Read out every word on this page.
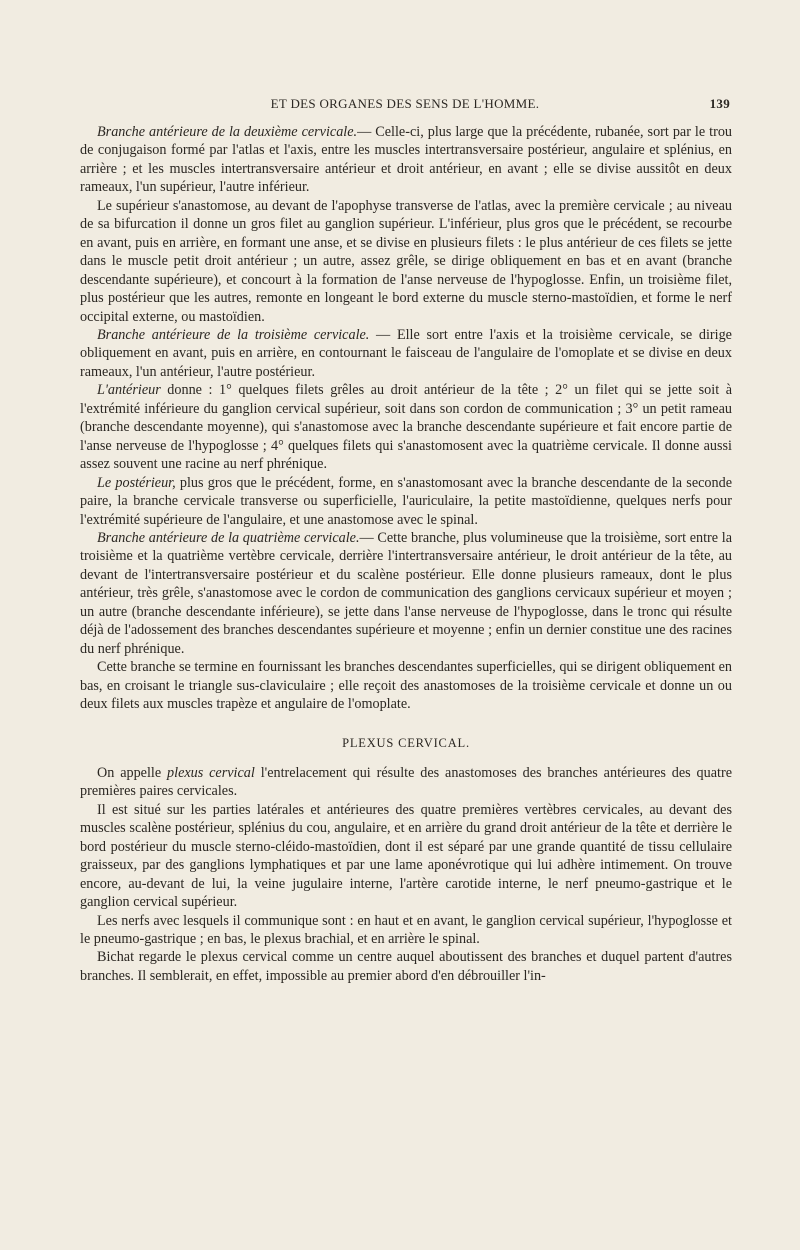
ET DES ORGANES DES SENS DE L'HOMME.	139

Branche antérieure de la deuxième cervicale.— Celle-ci, plus large que la précédente, rubanée, sort par le trou de conjugaison formé par l'atlas et l'axis, entre les muscles intertransversaire postérieur, angulaire et splénius, en arrière ; et les muscles intertransversaire antérieur et droit antérieur, en avant ; elle se divise aussitôt en deux rameaux, l'un supérieur, l'autre inférieur.

Le supérieur s'anastomose, au devant de l'apophyse transverse de l'atlas, avec la première cervicale ; au niveau de sa bifurcation il donne un gros filet au ganglion supérieur. L'inférieur, plus gros que le précédent, se recourbe en avant, puis en arrière, en formant une anse, et se divise en plusieurs filets : le plus antérieur de ces filets se jette dans le muscle petit droit antérieur ; un autre, assez grêle, se dirige obliquement en bas et en avant (branche descendante supérieure), et concourt à la formation de l'anse nerveuse de l'hypoglosse. Enfin, un troisième filet, plus postérieur que les autres, remonte en longeant le bord externe du muscle sterno-mastoïdien, et forme le nerf occipital externe, ou mastoïdien.

Branche antérieure de la troisième cervicale. — Elle sort entre l'axis et la troisième cervicale, se dirige obliquement en avant, puis en arrière, en contournant le faisceau de l'angulaire de l'omoplate et se divise en deux rameaux, l'un antérieur, l'autre postérieur.

L'antérieur donne : 1° quelques filets grêles au droit antérieur de la tête ; 2° un filet qui se jette soit à l'extrémité inférieure du ganglion cervical supérieur, soit dans son cordon de communication ; 3° un petit rameau (branche descendante moyenne), qui s'anastomose avec la branche descendante supérieure et fait encore partie de l'anse nerveuse de l'hypoglosse ; 4° quelques filets qui s'anastomosent avec la quatrième cervicale. Il donne aussi assez souvent une racine au nerf phrénique.

Le postérieur, plus gros que le précédent, forme, en s'anastomosant avec la branche descendante de la seconde paire, la branche cervicale transverse ou superficielle, l'auriculaire, la petite mastoïdienne, quelques nerfs pour l'extrémité supérieure de l'angulaire, et une anastomose avec le spinal.

Branche antérieure de la quatrième cervicale.— Cette branche, plus volumineuse que la troisième, sort entre la troisième et la quatrième vertèbre cervicale, derrière l'intertransversaire antérieur, le droit antérieur de la tête, au devant de l'intertransversaire postérieur et du scalène postérieur. Elle donne plusieurs rameaux, dont le plus antérieur, très grêle, s'anastomose avec le cordon de communication des ganglions cervicaux supérieur et moyen ; un autre (branche descendante inférieure), se jette dans l'anse nerveuse de l'hypoglosse, dans le tronc qui résulte déjà de l'adossement des branches descendantes supérieure et moyenne ; enfin un dernier constitue une des racines du nerf phrénique.

Cette branche se termine en fournissant les branches descendantes superficielles, qui se dirigent obliquement en bas, en croisant le triangle sus-claviculaire ; elle reçoit des anastomoses de la troisième cervicale et donne un ou deux filets aux muscles trapèze et angulaire de l'omoplate.

PLEXUS CERVICAL.

On appelle plexus cervical l'entrelacement qui résulte des anastomoses des branches antérieures des quatre premières paires cervicales.

Il est situé sur les parties latérales et antérieures des quatre premières vertèbres cervicales, au devant des muscles scalène postérieur, splénius du cou, angulaire, et en arrière du grand droit antérieur de la tête et derrière le bord postérieur du muscle sterno-cléido-mastoïdien, dont il est séparé par une grande quantité de tissu cellulaire graisseux, par des ganglions lymphatiques et par une lame aponévrotique qui lui adhère intimement. On trouve encore, au-devant de lui, la veine jugulaire interne, l'artère carotide interne, le nerf pneumo-gastrique et le ganglion cervical supérieur.

Les nerfs avec lesquels il communique sont : en haut et en avant, le ganglion cervical supérieur, l'hypoglosse et le pneumo-gastrique ; en bas, le plexus brachial, et en arrière le spinal.

Bichat regarde le plexus cervical comme un centre auquel aboutissent des branches et duquel partent d'autres branches. Il semblerait, en effet, impossible au premier abord d'en débrouiller l'in-
